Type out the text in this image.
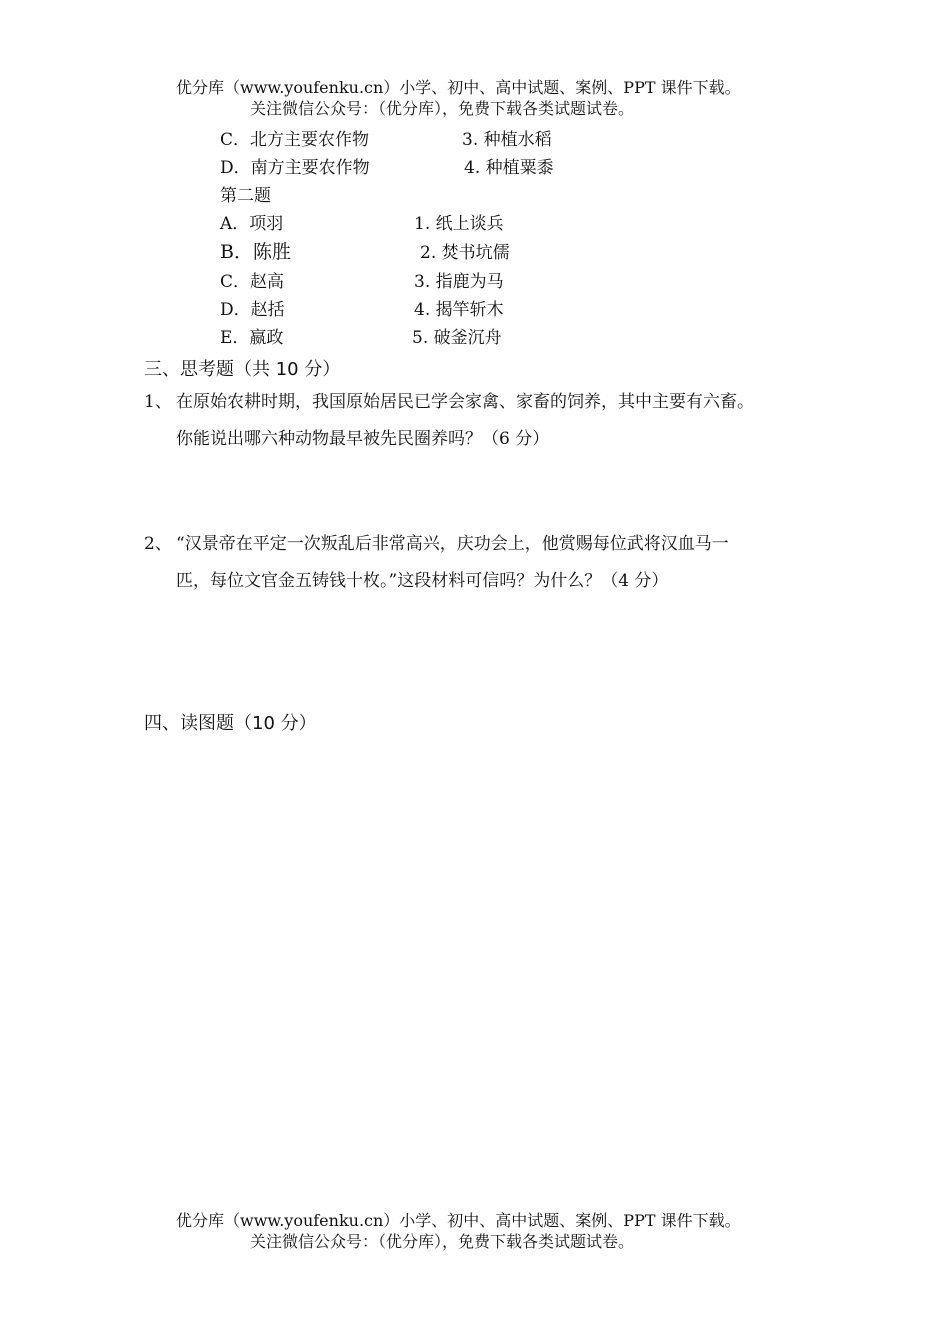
优分库（www.youfenku.cn）小学、初中、高中试题、案例、PPT 课件下载。
关注微信公众号：（优分库），免费下载各类试题试卷。
C．北方主要农作物	3. 种植水稻
D．南方主要农作物	4. 种植粟黍
第二题
A．项羽	1. 纸上谈兵
B．陈胜	2. 焚书坑儒
C．赵高	3. 指鹿为马
D．赵括	4. 揭竿斩木
E．嬴政	5. 破釜沉舟
三、思考题（共 10 分）
1、 在原始农耕时期，我国原始居民已学会家禽、家畜的饲养，其中主要有六畜。
你能说出哪六种动物最早被先民圈养吗？（6 分）
2、 “汉景帝在平定一次叛乱后非常高兴，庆功会上，他赏赐每位武将汉血马一
匹，每位文官金五铸钱十枚。”这段材料可信吗？为什么？（4 分）
四、读图题（10 分）
优分库（www.youfenku.cn）小学、初中、高中试题、案例、PPT 课件下载。
关注微信公众号：（优分库），免费下载各类试题试卷。
